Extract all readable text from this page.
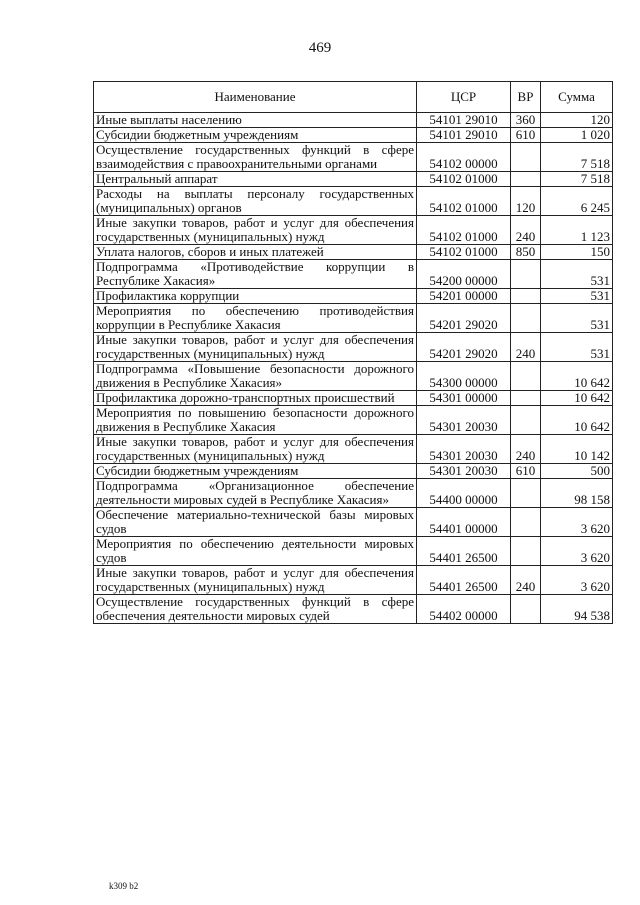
469
Наименование	ЦСР	ВР	Сумма
Иные выплаты населению	54101 29010	360	120
Субсидии бюджетным учреждениям	54101 29010	610	1 020
Осуществление государственных функций в сфере взаимодействия с правоохранительными органами	54102 00000		7 518
Центральный аппарат	54102 01000		7 518
Расходы на выплаты персоналу государственных (муниципальных) органов	54102 01000	120	6 245
Иные закупки товаров, работ и услуг для обеспечения государственных (муниципальных) нужд	54102 01000	240	1 123
Уплата налогов, сборов и иных платежей	54102 01000	850	150
Подпрограмма «Противодействие коррупции в Республике Хакасия»	54200 00000		531
Профилактика коррупции	54201 00000		531
Мероприятия по обеспечению противодействия коррупции в Республике Хакасия	54201 29020		531
Иные закупки товаров, работ и услуг для обеспечения государственных (муниципальных) нужд	54201 29020	240	531
Подпрограмма «Повышение безопасности дорожного движения в Республике Хакасия»	54300 00000		10 642
Профилактика дорожно-транспортных происшествий	54301 00000		10 642
Мероприятия по повышению безопасности дорожного движения в Республике Хакасия	54301 20030		10 642
Иные закупки товаров, работ и услуг для обеспечения государственных (муниципальных) нужд	54301 20030	240	10 142
Субсидии бюджетным учреждениям	54301 20030	610	500
Подпрограмма «Организационное обеспечение деятельности мировых судей в Республике Хакасия»	54400 00000		98 158
Обеспечение материально-технической базы мировых судов	54401 00000		3 620
Мероприятия по обеспечению деятельности мировых судов	54401 26500		3 620
Иные закупки товаров, работ и услуг для обеспечения государственных (муниципальных) нужд	54401 26500	240	3 620
Осуществление государственных функций в сфере обеспечения деятельности мировых судей	54402 00000		94 538
k309 b2
